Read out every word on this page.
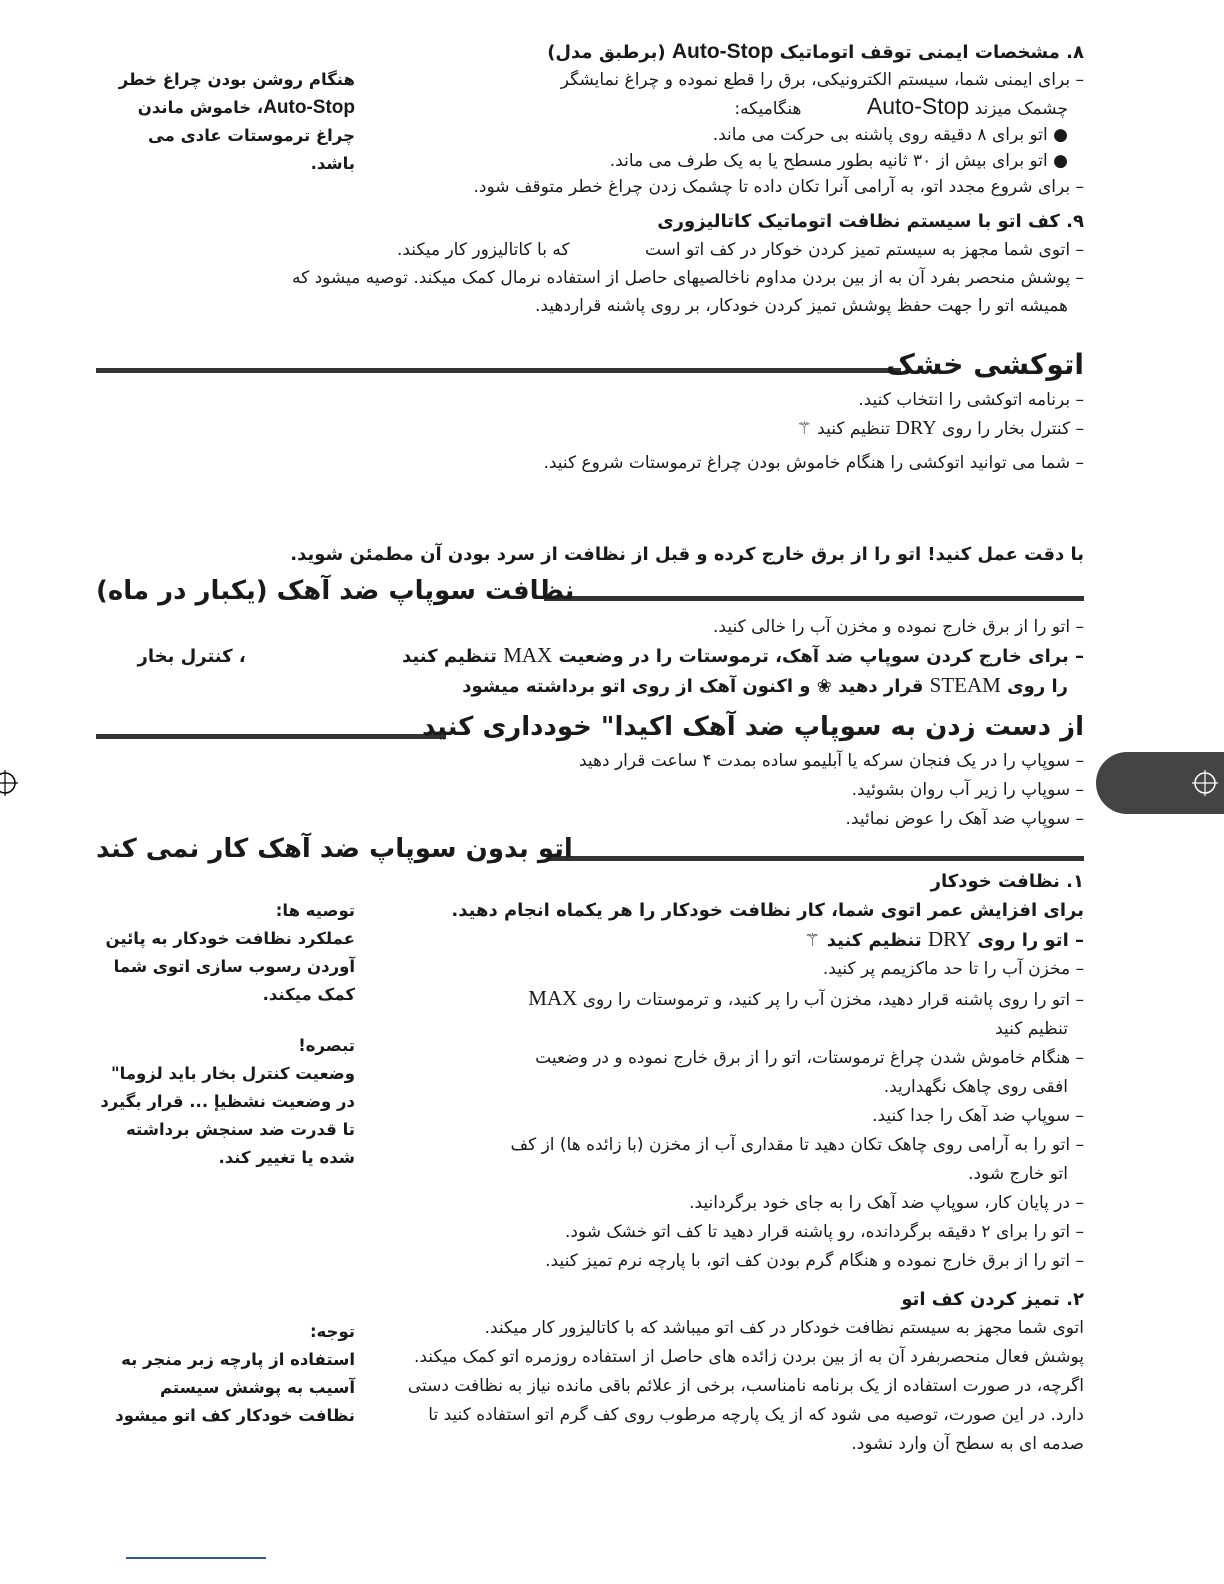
۸. مشخصات ایمنی توقف اتوماتیک Auto-Stop (برطبق مدل)

– برای ایمنی شما، سیستم الکترونیکی، برق را قطع نموده و چراغ نمایشگر

چشمک میزند Auto-Stop هنگامیکه:

● اتو برای ۸ دقیقه روی پاشنه بی حرکت می ماند.

● اتو برای بیش از ۳۰ ثانیه بطور مسطح یا به یک طرف می ماند.

– برای شروع مجدد اتو، به آرامی آنرا تکان داده تا چشمک زدن چراغ خطر متوقف شود.

هنگام روشن بودن چراغ خطر Auto-Stop، خاموش ماندن چراغ ترموستات عادی می باشد.

۹. کف اتو با سیستم نظافت اتوماتیک کاتالیزوری

– اتوی شما مجهز به سیستم تمیز کردن خوکار در کف اتو است که با کاتالیزور کار میکند.

– پوشش منحصر بفرد آن به از بین بردن مداوم ناخالصیهای حاصل از استفاده نرمال کمک میکند. توصیه میشود که

همیشه اتو را جهت حفظ پوشش تمیز کردن خودکار، بر روی پاشنه قراردهید.

اتوکشی خشک

– برنامه اتوکشی را انتخاب کنید.

– کنترل بخار را روی DRY تنظیم کنید ⚚

– شما می توانید اتوکشی را هنگام خاموش بودن چراغ ترموستات شروع کنید.

با دقت عمل کنید! اتو را از برق خارج کرده و قبل از نظافت از سرد بودن آن مطمئن شوید.
نظافت سوپاپ ضد آهک (یکبار در ماه)

– اتو را از برق خارج نموده و مخزن آب را خالی کنید.

– برای خارج کردن سوپاپ ضد آهک، ترموستات را در وضعیت MAX تنظیم کنید ، کنترل بخار

را روی STEAM قرار دهید ❀ و اکنون آهک از روی اتو برداشته میشود

از دست زدن به سوپاپ ضد آهک اکیدا" خودداری کنید

– سوپاپ را در یک فنجان سرکه یا آبلیمو ساده بمدت ۴ ساعت قرار دهید

– سوپاپ را زیر آب روان بشوئید.

– سوپاپ ضد آهک را عوض نمائید.

اتو بدون سوپاپ ضد آهک کار نمی کند

۱. نظافت خودکار

برای افزایش عمر اتوی شما، کار نظافت خودکار را هر یکماه انجام دهید.

– اتو را روی DRY تنظیم کنید ⚚

– مخزن آب را تا حد ماکزیمم پر کنید.

– اتو را روی پاشنه قرار دهید، مخزن آب را پر کنید، و ترموستات را روی MAX

تنظیم کنید

– هنگام خاموش شدن چراغ ترموستات، اتو را از برق خارج نموده و در وضعیت

افقی روی چاهک نگهدارید.

– سوپاپ ضد آهک را جدا کنید.

– اتو را به آرامی روی چاهک تکان دهید تا مقداری آب از مخزن (با زائده ها) از کف

اتو خارج شود.

– در پایان کار، سوپاپ ضد آهک را به جای خود برگردانید.

– اتو را برای ۲ دقیقه برگردانده، رو پاشنه قرار دهید تا کف اتو خشک شود.

– اتو را از برق خارج نموده و هنگام گرم بودن کف اتو، با پارچه نرم تمیز کنید.

توصیه ها:

عملکرد نظافت خودکار به پائین آوردن رسوب سازی اتوی شما کمک میکند.

تبصره!

وضعیت کنترل بخار باید لزوما" در وضعیت نشظیإ ... قرار بگیرد تا قدرت ضد سنجش برداشته شده یا تغییر کند.

۲. تمیز کردن کف اتو

اتوی شما مجهز به سیستم نظافت خودکار در کف اتو میباشد که با کاتالیزور کار میکند.

پوشش فعال منحصربفرد آن به از بین بردن زائده های حاصل از استفاده روزمره اتو کمک میکند.

اگرچه، در صورت استفاده از یک برنامه نامناسب، برخی از علائم باقی مانده نیاز به نظافت دستی دارد. در این صورت، توصیه می شود که از یک پارچه مرطوب روی کف گرم اتو استفاده کنید تا صدمه ای به سطح آن وارد نشود.

توجه:

استفاده از پارچه زبر منجر به آسیب به پوشش سیستم نظافت خودکار کف اتو میشود
